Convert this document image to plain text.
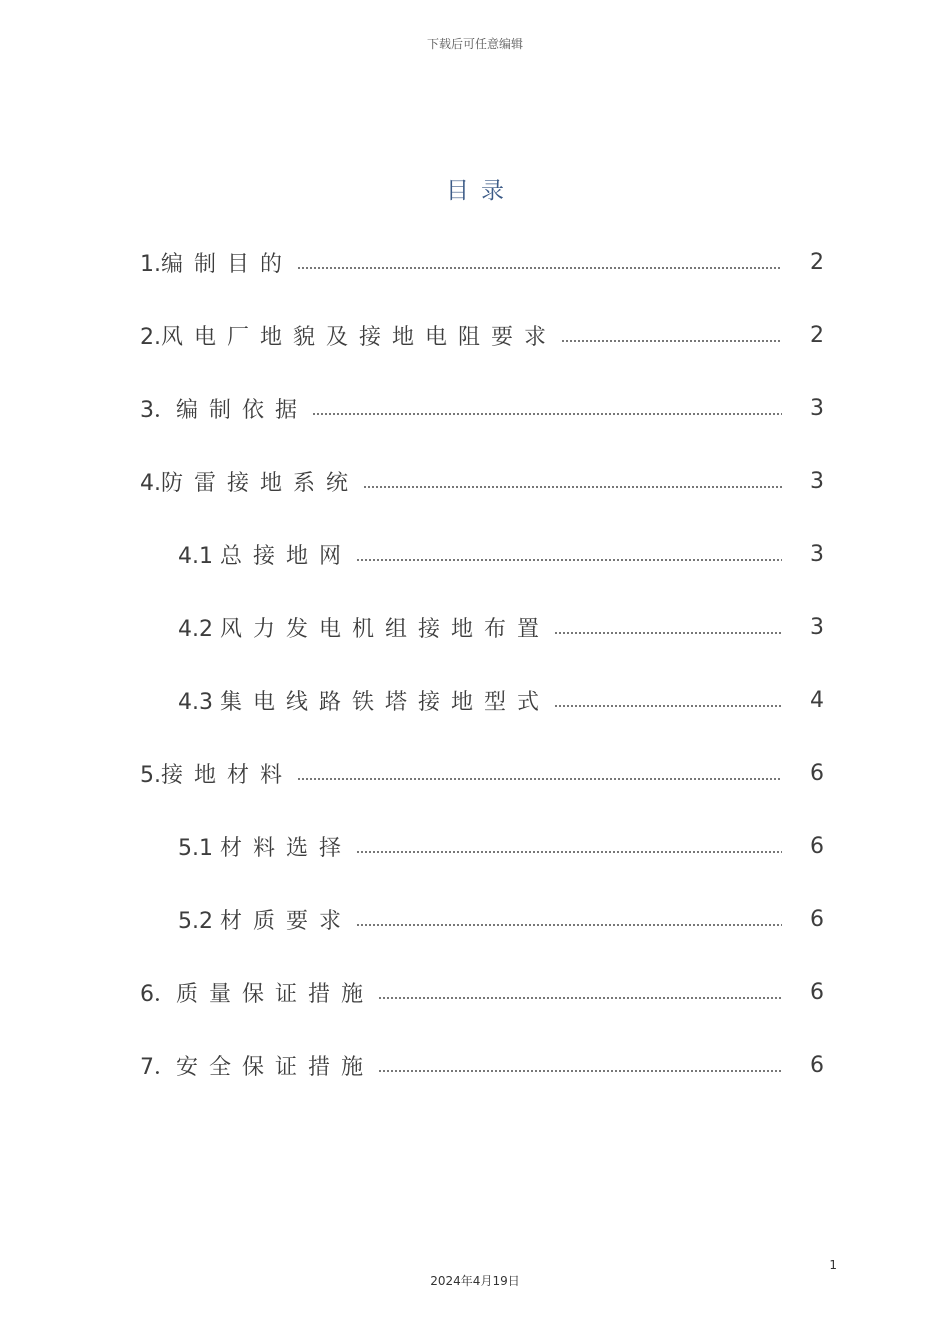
下载后可任意编辑
目录
1.编制目的	2
2.风电厂地貌及接地电阻要求	2
3．编制依据	3
4.防雷接地系统	3
4.1 总接地网	3
4.2 风力发电机组接地布置	3
4.3 集电线路铁塔接地型式	4
5.接地材料	6
5.1 材料选择	6
5.2 材质要求	6
6．质量保证措施	6
7．安全保证措施	6
1
2024年4月19日
